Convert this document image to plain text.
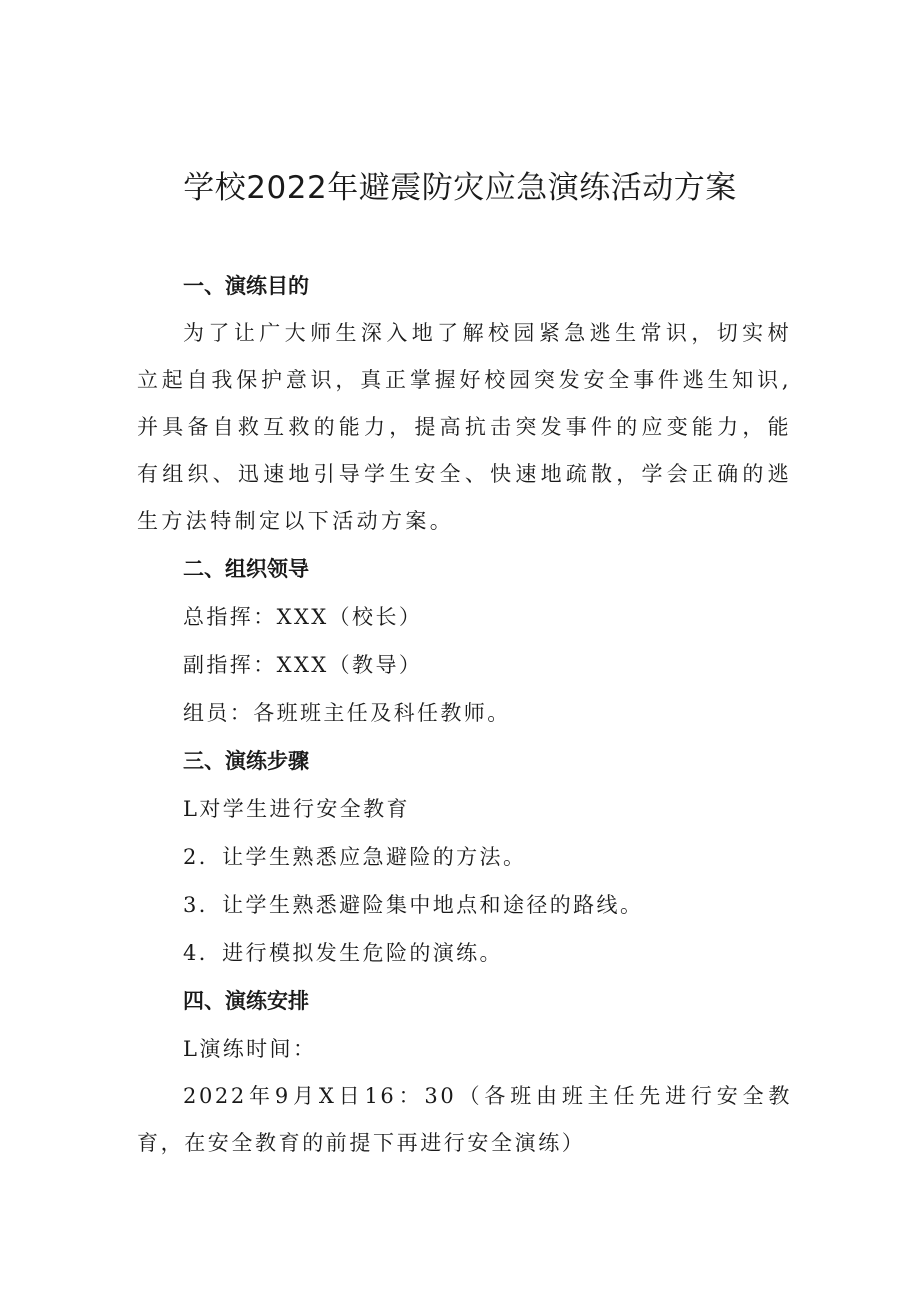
学校2022年避震防灾应急演练活动方案
一、演练目的

为了让广大师生深入地了解校园紧急逃生常识，切实树立起自我保护意识，真正掌握好校园突发安全事件逃生知识,并具备自救互救的能力，提高抗击突发事件的应变能力，能有组织、迅速地引导学生安全、快速地疏散，学会正确的逃生方法特制定以下活动方案。

二、组织领导
总指挥：XXX（校长）
副指挥：XXX（教导）
组员：各班班主任及科任教师。
三、演练步骤
L对学生进行安全教育
2．让学生熟悉应急避险的方法。
3．让学生熟悉避险集中地点和途径的路线。
4．进行模拟发生危险的演练。
四、演练安排
L演练时间：

2022年9月X日16：30（各班由班主任先进行安全教育，在安全教育的前提下再进行安全演练）
